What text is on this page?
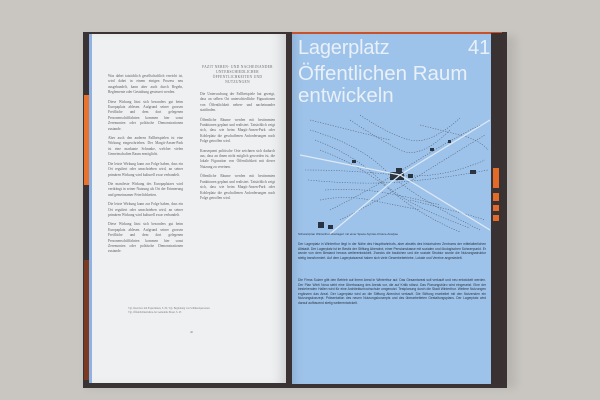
Was dabei tatsächlich gesellschaftlich erreicht ist, wird dabei in einem einigen Prozess neu ausgehandelt, kann aber auch durch Regeln, Reglemente oder Gestaltung gesteuert werden.

Diese Wirkung lässt sich besonders gut beim Europaplatz ablesen. Aufgrund seiner grossen Freifläche und dem dort gelegenen Personenschifffahrten kommen hier sonst Zeremonien oder politische Demonstrationen zustande.

Aber auch den anderen Fallbeispielen ist eine Wirkung eingeschrieben. Der Margit-Ansen-Park ist eine markante Schranke, welcher vielen Gemeinschaften Raum ermöglicht.

Die letzte Wirkung kann zur Folge haben, dass ein Ort reguliert oder umschrieben wird, an seiner primären Wirkung wird kulturell zwar verhandelt.

Die manifeste Wirkung des Europaplatzes wird verdrängt in seiner Nutzung als Ort der Erinnerung und gemeinsamer Feierlichkeiten.

Die letzte Wirkung kann zur Folge haben, dass ein Ort reguliert oder umschrieben wird, an seiner primären Wirkung wird kulturell zwar verhandelt.

Diese Wirkung lässt sich besonders gut beim Europaplatz ablesen. Aufgrund seiner grossen Freifläche und dem dort gelegenen Personenschifffahrten kommen hier sonst Zeremonien oder politische Demonstrationen zustande.

FAZIT NEBEN- UND NACHEINANDER UNTERSCHIEDLICHER ÖFFENTLICHKEITEN UND NUTZUNGEN

Die Untersuchung der Fallbeispiele hat gezeigt, dass an selben Ort unterschiedliche Figurationen von Öffentlichkeit neben- und nacheinander stattfinden.

Öffentliche Räume werden mit bestimmten Funktionen geplant und realisiert. Tatsächlich zeigt sich, dass wie beim Margit-Ansen-Park oder Kohleplatz die geschaffenen Anforderungen nach Folge getroffen wird.

Konsequent politische Orte zeichnen sich dadurch aus, dass an ihnen nicht möglich geworden ist, die lokale Figuration von Öffentlichkeit mit dieser Nutzung zu vereinen.

Öffentliche Räume werden mit bestimmten Funktionen geplant und realisiert. Tatsächlich zeigt sich, dass wie beim Margit-Ansen-Park oder Kohleplatz die geschaffenen Anforderungen nach Folge getroffen wird.

Vgl. Interview mit Expertinnen, S. 82; Vgl. Begleitung von Schlüsselpersonen.
Vgl. Öffentlichkeitsliste der Gemeinde Basel, S. 43
40
Lagerplatz	41
Öffentlichen Raum entwickeln
Schwarzplan Winterthur überlagert mit einer Space-Syntax-Choice-Analyse
Der Lagerplatz in Winterthur liegt in der Nähe des Hauptbahnhofs, aber abseits des historischen Zentrums der mittelalterlichen Altstadt. Der Lagerplatz ist im Besitz der Stiftung Abendrot, einer Pensionskasse mit sozialen und ökologischen Schwerpunkt. Er wurde von dem Bestand heraus weiterentwickelt. Zwecks die baulichen und die soziale Struktur wurde die Nutzungsstruktur stetig transformiert. Auf dem Lagerplatzareal haben sich viele Gewerbebetriebe, Lokale und Vereine angesiedelt.
Die Firma Sulzer gibt den Betrieb auf ihrem Areal in Winterthur auf. Das Gesamtareal soll verkauft und neu entwickelt werden. Der Plan Winti Nova sieht eine Überbauung des Areals vor, die auf Kritik stösst. Das Planungsbüro wird eingesetzt. Eine der bestehenden Hallen wird für eine Architekturhochschule umgenutzt. Testplanung durch die Stadt Winterthur. Weitere Nutzungen ergänzen das Areal. Der Lagerplatz wird an die Stiftung Abendrot verkauft. Die Stiftung erarbeitet mit den Nutzenden ein Nutzungskonzept. Präsentation des neuen Nutzungskonzepts und des überarbeiteten Gestaltungsplans. Der Lagerplatz wird darauf aufbauend stetig weiterentwickelt.
